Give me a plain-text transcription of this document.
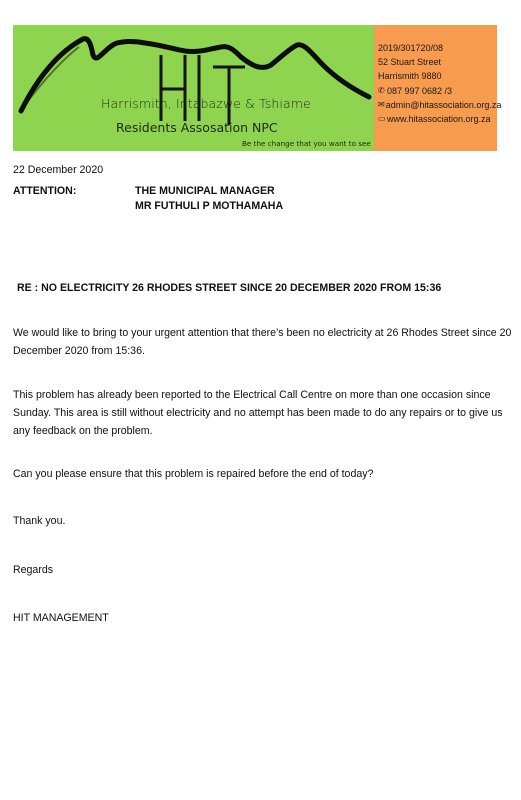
Harrismith, Intabazwe & Tshiame
Residents Assosation NPC
Be the change that you want to see
2019/301720/08
52 Stuart Street
Harrismith 9880
✆ 087 997 0682 /3
✉ admin@hitassociation.org.za
▭ www.hitassociation.org.za
22 December 2020
ATTENTION:	THE MUNICIPAL MANAGER
MR FUTHULI P MOTHAMAHA
RE : NO ELECTRICITY 26 RHODES STREET SINCE 20 DECEMBER 2020 FROM 15:36
We would like to bring to your urgent attention that there’s been no electricity at 26 Rhodes Street since 20 December 2020 from 15:36.
This problem has already been reported to the Electrical Call Centre on more than one occasion since Sunday. This area is still without electricity and no attempt has been made to do any repairs or to give us any feedback on the problem.
Can you please ensure that this problem is repaired before the end of today?
Thank you.
Regards
HIT MANAGEMENT
